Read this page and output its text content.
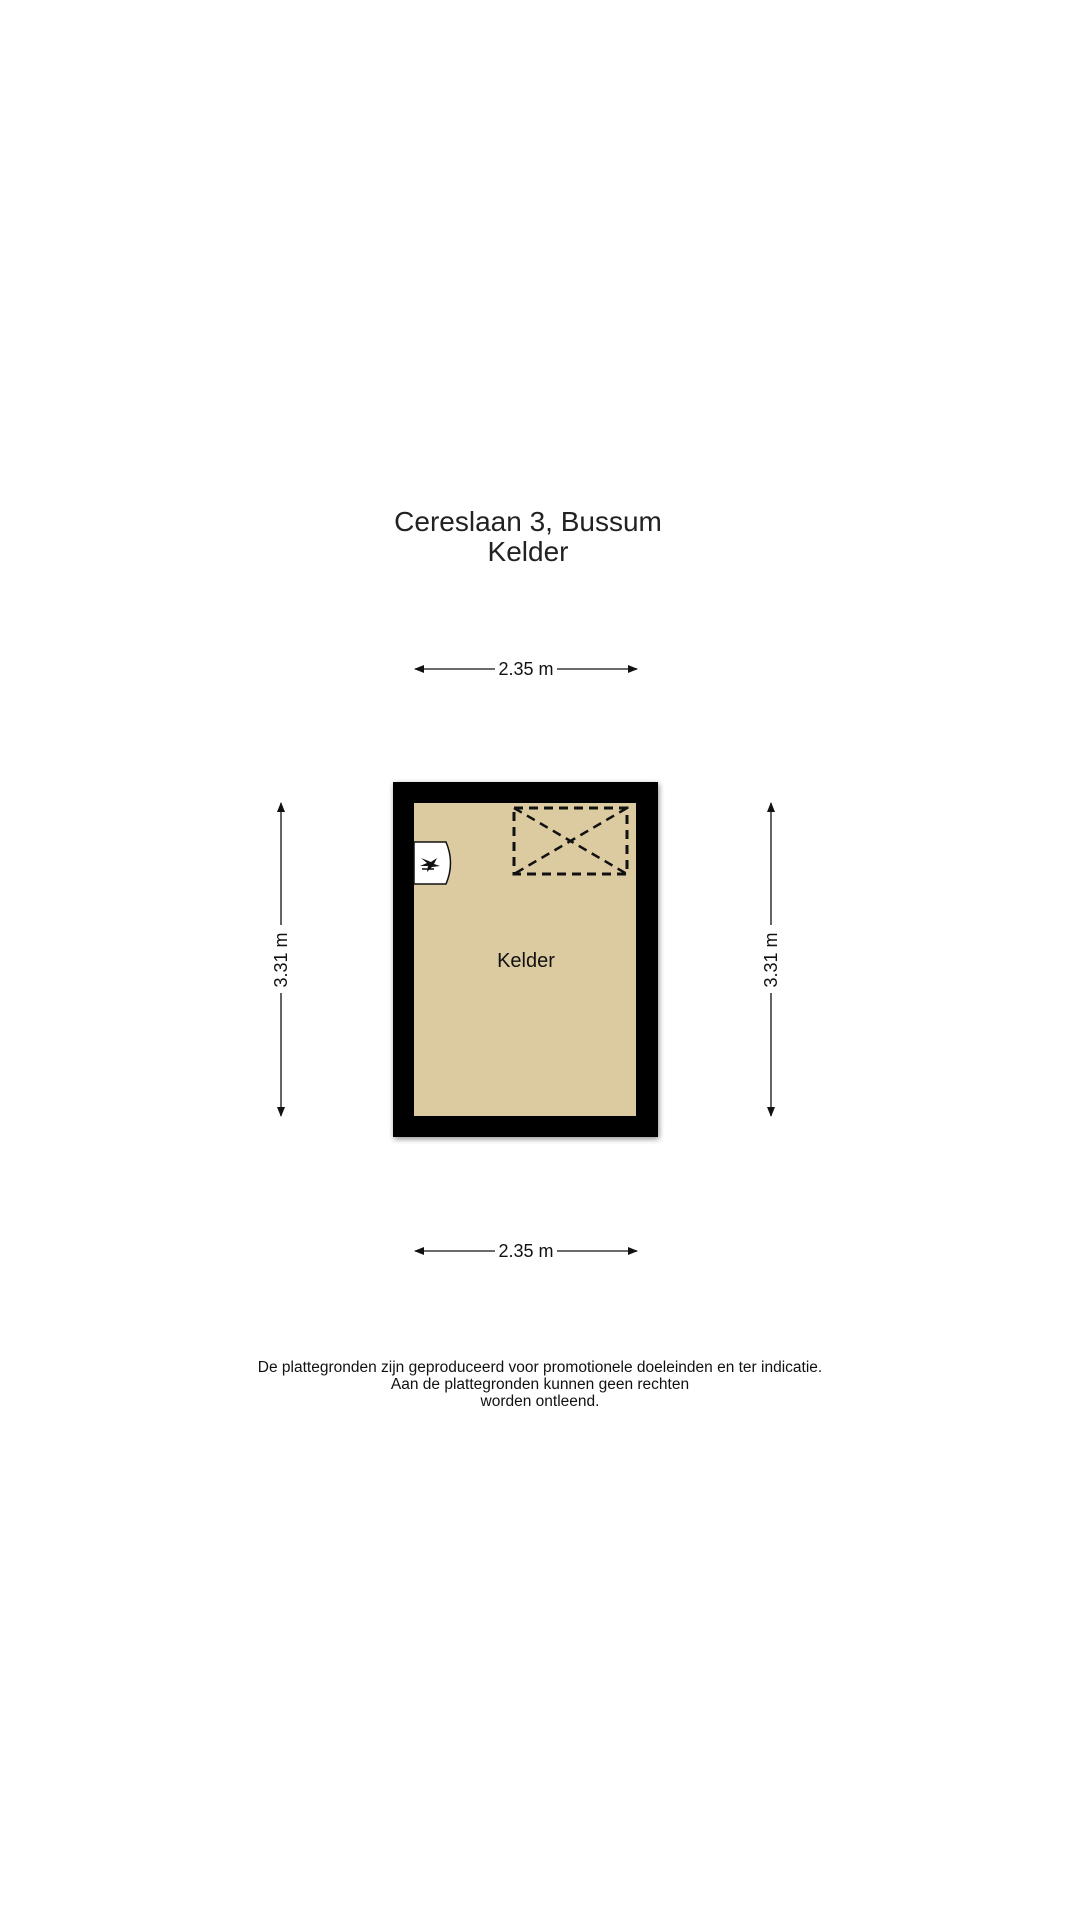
Cereslaan 3, Bussum
Kelder
2.35 m
2.35 m
3.31 m	3.31 m
Kelder
De plattegronden zijn geproduceerd voor promotionele doeleinden en ter indicatie.
Aan de plattegronden kunnen geen rechten
worden ontleend.
